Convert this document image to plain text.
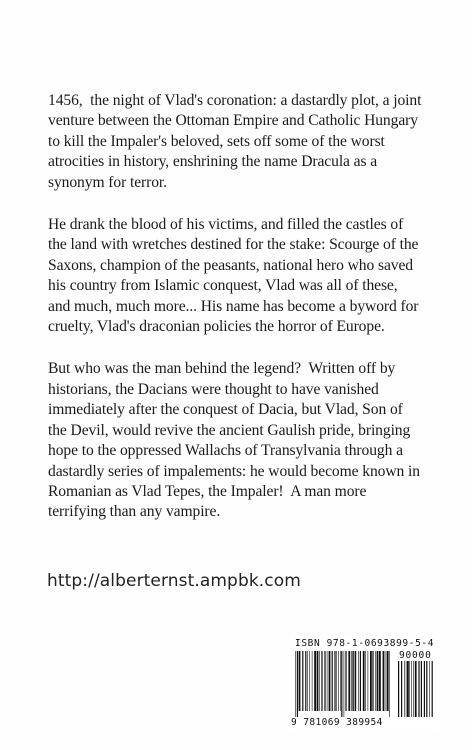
1456,  the night of Vlad's coronation: a dastardly plot, a joint
venture between the Ottoman Empire and Catholic Hungary
to kill the Impaler's beloved, sets off some of the worst
atrocities in history, enshrining the name Dracula as a
synonym for terror.

He drank the blood of his victims, and filled the castles of
the land with wretches destined for the stake: Scourge of the
Saxons, champion of the peasants, national hero who saved
his country from Islamic conquest, Vlad was all of these,
and much, much more... His name has become a byword for
cruelty, Vlad's draconian policies the horror of Europe.

But who was the man behind the legend?  Written off by
historians, the Dacians were thought to have vanished
immediately after the conquest of Dacia, but Vlad, Son of
the Devil, would revive the ancient Gaulish pride, bringing
hope to the oppressed Wallachs of Transylvania through a
dastardly series of impalements: he would become known in
Romanian as Vlad Tepes, the Impaler!  A man more
terrifying than any vampire.

http://alberternst.ampbk.com
ISBN 978-1-0693899-5-4
90000
9 781069 389954
